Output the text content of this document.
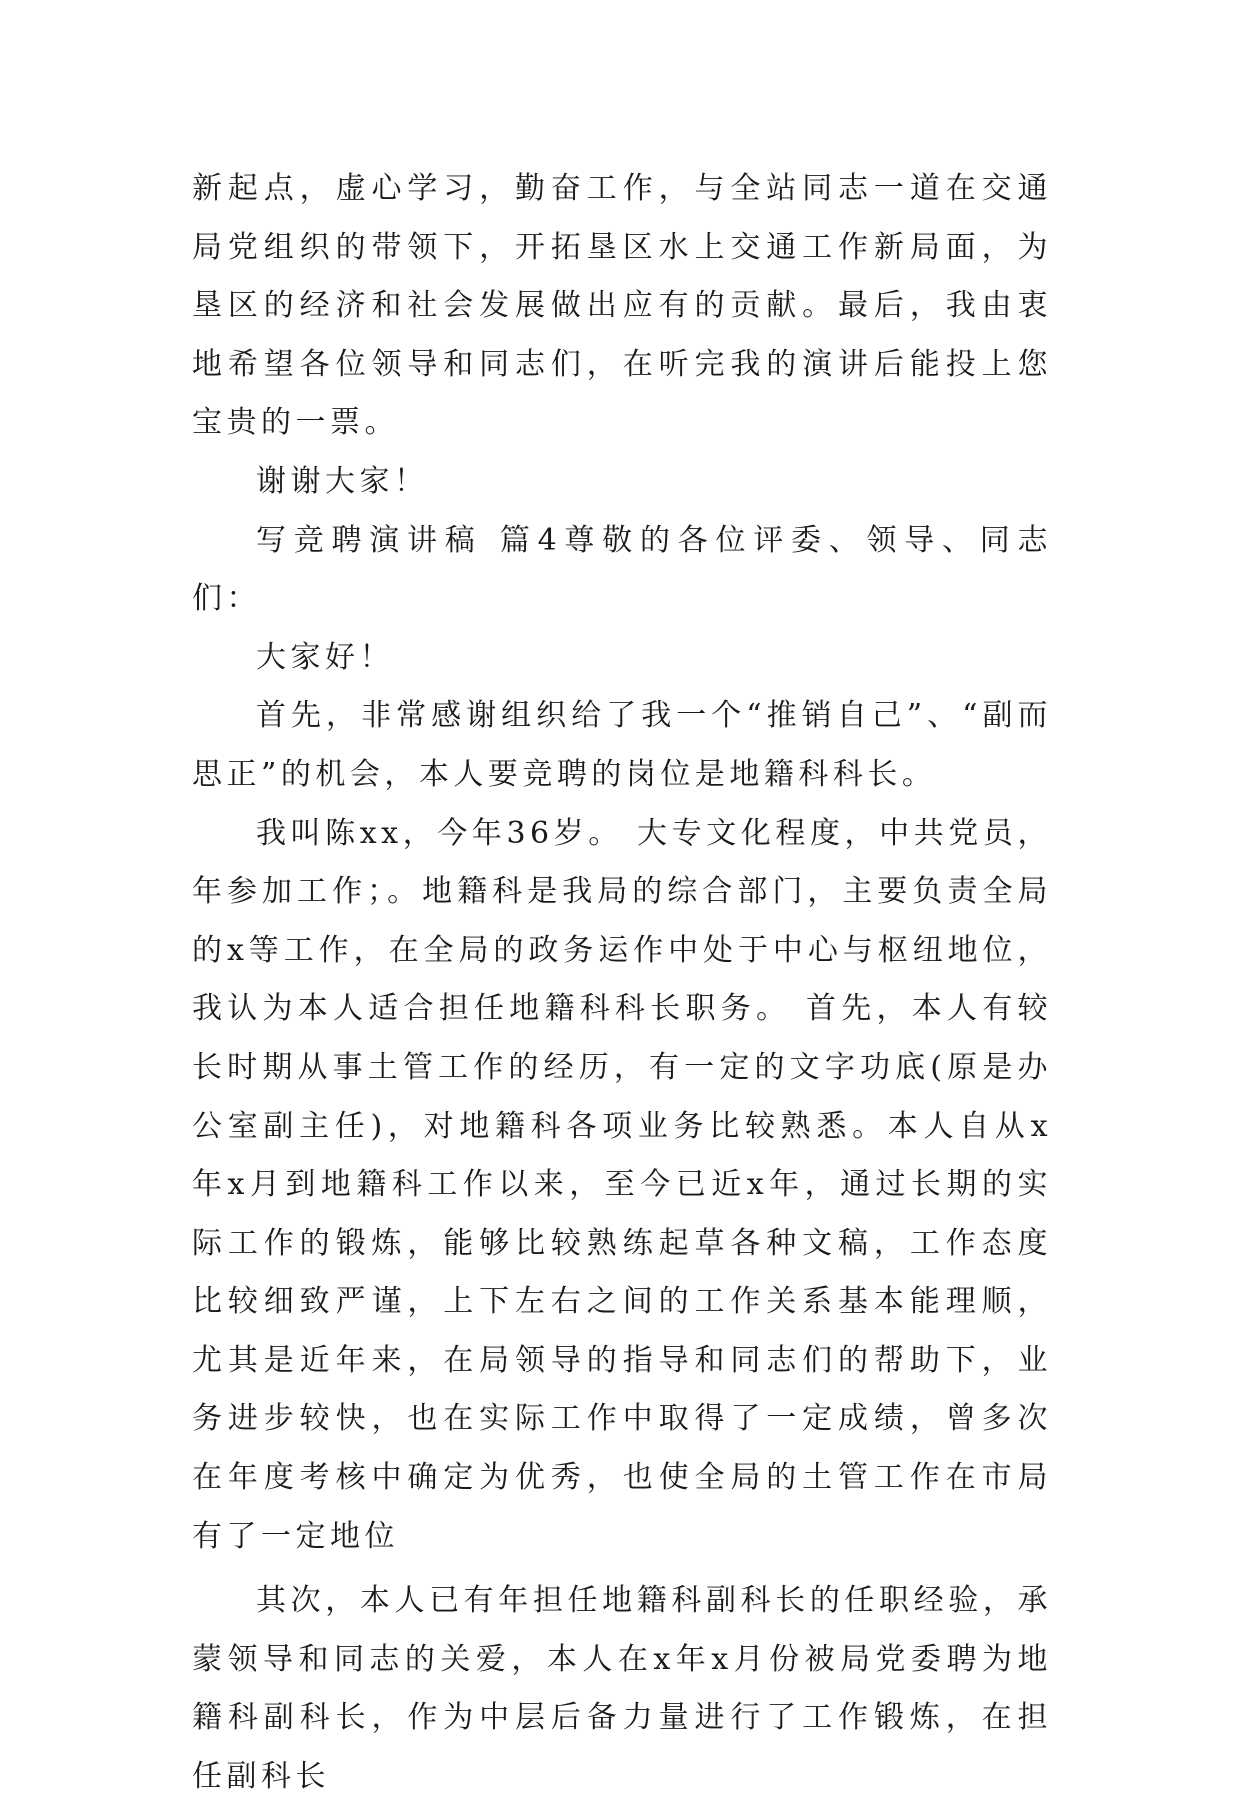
新起点，虚心学习，勤奋工作，与全站同志一道在交通局党组织的带领下，开拓垦区水上交通工作新局面，为垦区的经济和社会发展做出应有的贡献。最后，我由衷地希望各位领导和同志们，在听完我的演讲后能投上您宝贵的一票。

谢谢大家！

写竞聘演讲稿 篇4尊敬的各位评委、领导、同志们：

大家好！

首先，非常感谢组织给了我一个“推销自己”、“副而思正”的机会，本人要竞聘的岗位是地籍科科长。

我叫陈xx，今年36岁。 大专文化程度，中共党员，年参加工作；。地籍科是我局的综合部门，主要负责全局的x等工作，在全局的政务运作中处于中心与枢纽地位，我认为本人适合担任地籍科科长职务。 首先，本人有较长时期从事土管工作的经历，有一定的文字功底(原是办公室副主任)，对地籍科各项业务比较熟悉。本人自从x年x月到地籍科工作以来，至今已近x年，通过长期的实际工作的锻炼，能够比较熟练起草各种文稿，工作态度比较细致严谨，上下左右之间的工作关系基本能理顺，尤其是近年来，在局领导的指导和同志们的帮助下，业务进步较快，也在实际工作中取得了一定成绩，曾多次在年度考核中确定为优秀，也使全局的土管工作在市局有了一定地位

其次，本人已有年担任地籍科副科长的任职经验，承蒙领导和同志的关爱，本人在x年x月份被局党委聘为地籍科副科长，作为中层后备力量进行了工作锻炼，在担任副科长
